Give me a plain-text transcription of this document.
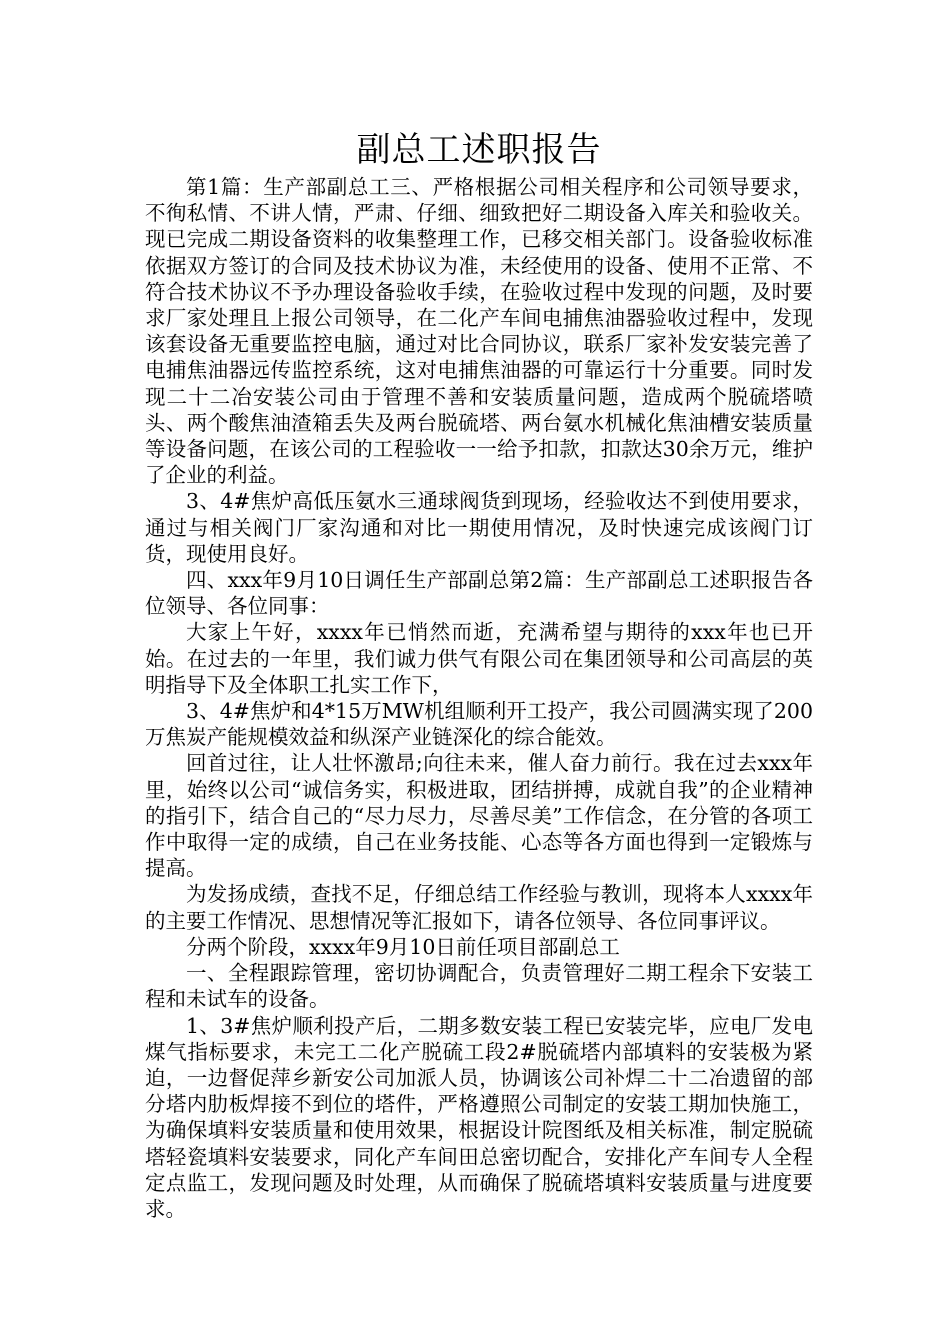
副总工述职报告

第1篇：生产部副总工三、严格根据公司相关程序和公司领导要求，不徇私情、不讲人情，严肃、仔细、细致把好二期设备入库关和验收关。现已完成二期设备资料的收集整理工作，已移交相关部门。设备验收标准依据双方签订的合同及技术协议为准，未经使用的设备、使用不正常、不符合技术协议不予办理设备验收手续，在验收过程中发现的问题，及时要求厂家处理且上报公司领导，在二化产车间电捕焦油器验收过程中，发现该套设备无重要监控电脑，通过对比合同协议，联系厂家补发安装完善了电捕焦油器远传监控系统，这对电捕焦油器的可靠运行十分重要。同时发现二十二冶安装公司由于管理不善和安装质量问题，造成两个脱硫塔喷头、两个酸焦油渣箱丢失及两台脱硫塔、两台氨水机械化焦油槽安装质量等设备问题，在该公司的工程验收一一给予扣款，扣款达30余万元，维护了企业的利益。

3、4#焦炉高低压氨水三通球阀货到现场，经验收达不到使用要求，通过与相关阀门厂家沟通和对比一期使用情况，及时快速完成该阀门订货，现使用良好。

四、xxx年9月10日调任生产部副总第2篇：生产部副总工述职报告各位领导、各位同事：

大家上午好，xxxx年已悄然而逝，充满希望与期待的xxx年也已开始。在过去的一年里，我们诚力供气有限公司在集团领导和公司高层的英明指导下及全体职工扎实工作下，

3、4#焦炉和4*15万MW机组顺利开工投产，我公司圆满实现了200万焦炭产能规模效益和纵深产业链深化的综合能效。

回首过往，让人壮怀激昂;向往未来，催人奋力前行。我在过去xxx年里，始终以公司“诚信务实，积极进取，团结拼搏，成就自我”的企业精神的指引下，结合自己的“尽力尽力，尽善尽美”工作信念，在分管的各项工作中取得一定的成绩，自己在业务技能、心态等各方面也得到一定锻炼与提高。

为发扬成绩，查找不足，仔细总结工作经验与教训，现将本人xxxx年的主要工作情况、思想情况等汇报如下，请各位领导、各位同事评议。

分两个阶段，xxxx年9月10日前任项目部副总工

一、全程跟踪管理，密切协调配合，负责管理好二期工程余下安装工程和未试车的设备。

1、3#焦炉顺利投产后，二期多数安装工程已安装完毕，应电厂发电煤气指标要求，未完工二化产脱硫工段2#脱硫塔内部填料的安装极为紧迫，一边督促萍乡新安公司加派人员，协调该公司补焊二十二冶遗留的部分塔内肋板焊接不到位的塔件，严格遵照公司制定的安装工期加快施工，为确保填料安装质量和使用效果，根据设计院图纸及相关标准，制定脱硫塔轻瓷填料安装要求，同化产车间田总密切配合，安排化产车间专人全程定点监工，发现问题及时处理，从而确保了脱硫塔填料安装质量与进度要求。
